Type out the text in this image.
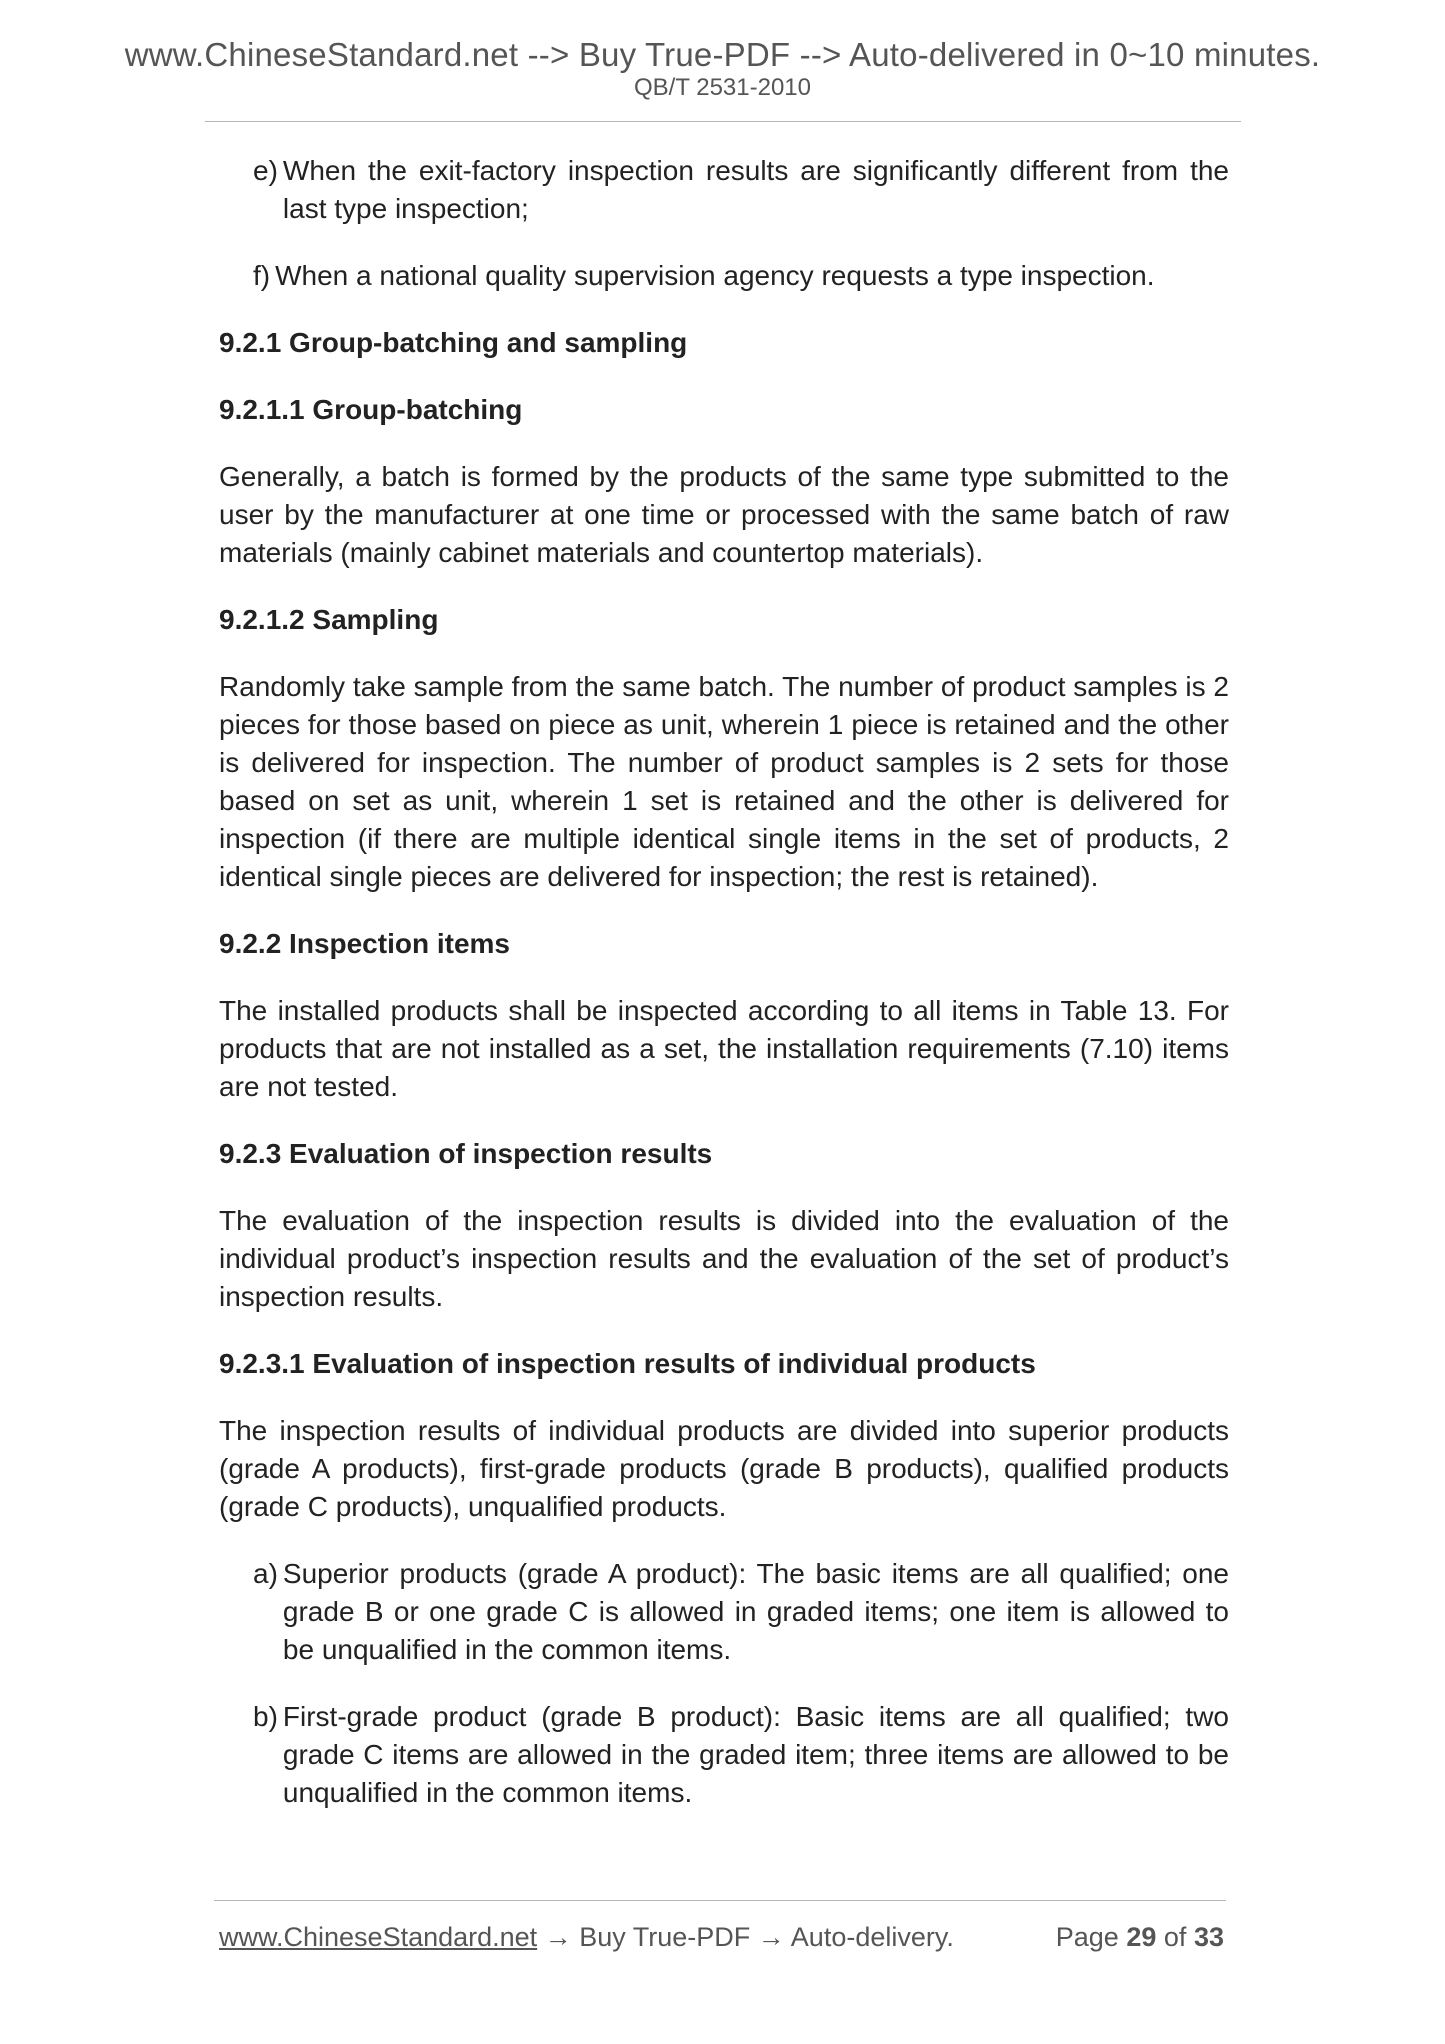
www.ChineseStandard.net --> Buy True-PDF --> Auto-delivered in 0~10 minutes.
QB/T 2531-2010
e) When the exit-factory inspection results are significantly different from the last type inspection;
f) When a national quality supervision agency requests a type inspection.
9.2.1 Group-batching and sampling
9.2.1.1 Group-batching
Generally, a batch is formed by the products of the same type submitted to the user by the manufacturer at one time or processed with the same batch of raw materials (mainly cabinet materials and countertop materials).
9.2.1.2 Sampling
Randomly take sample from the same batch. The number of product samples is 2 pieces for those based on piece as unit, wherein 1 piece is retained and the other is delivered for inspection. The number of product samples is 2 sets for those based on set as unit, wherein 1 set is retained and the other is delivered for inspection (if there are multiple identical single items in the set of products, 2 identical single pieces are delivered for inspection; the rest is retained).
9.2.2 Inspection items
The installed products shall be inspected according to all items in Table 13. For products that are not installed as a set, the installation requirements (7.10) items are not tested.
9.2.3 Evaluation of inspection results
The evaluation of the inspection results is divided into the evaluation of the individual product’s inspection results and the evaluation of the set of product’s inspection results.
9.2.3.1 Evaluation of inspection results of individual products
The inspection results of individual products are divided into superior products (grade A products), first-grade products (grade B products), qualified products (grade C products), unqualified products.
a) Superior products (grade A product): The basic items are all qualified; one grade B or one grade C is allowed in graded items; one item is allowed to be unqualified in the common items.
b) First-grade product (grade B product): Basic items are all qualified; two grade C items are allowed in the graded item; three items are allowed to be unqualified in the common items.
www.ChineseStandard.net → Buy True-PDF → Auto-delivery.	Page 29 of 33
